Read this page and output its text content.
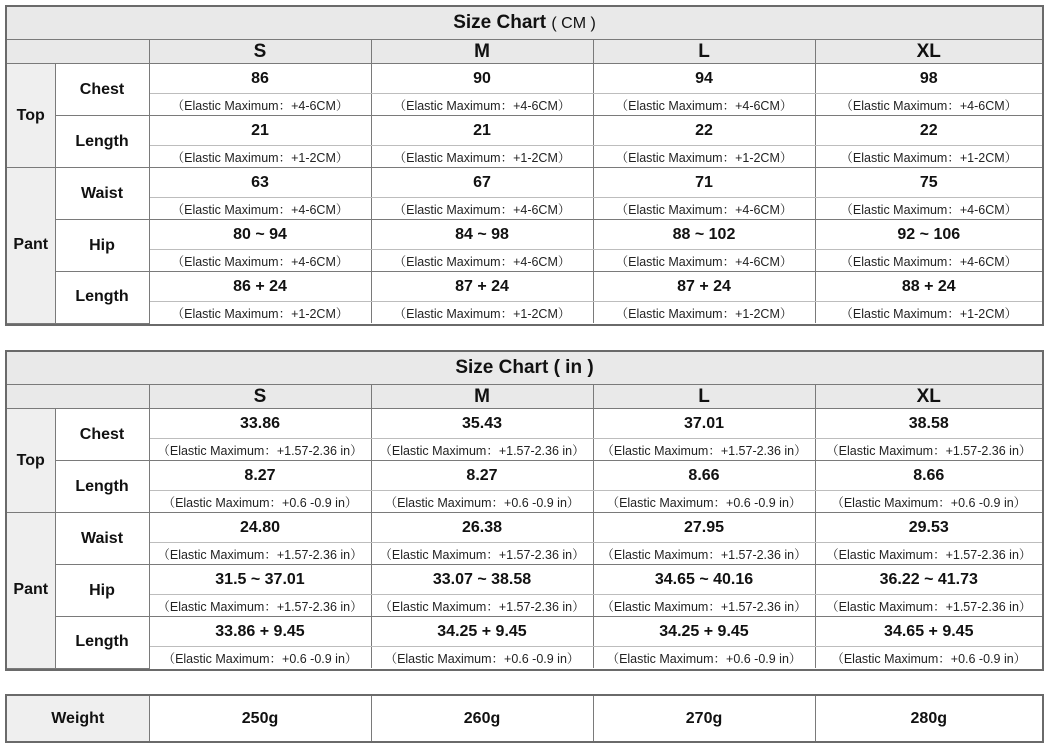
Size Chart ( CM )					
		S	M	L	XL
Top	Chest	86	90	94	98
		（Elastic Maximum：+4-6CM）	（Elastic Maximum：+4-6CM）	（Elastic Maximum：+4-6CM）	（Elastic Maximum：+4-6CM）
	Length	21	21	22	22
		（Elastic Maximum：+1-2CM）	（Elastic Maximum：+1-2CM）	（Elastic Maximum：+1-2CM）	（Elastic Maximum：+1-2CM）
Pant	Waist	63	67	71	75
		（Elastic Maximum：+4-6CM）	（Elastic Maximum：+4-6CM）	（Elastic Maximum：+4-6CM）	（Elastic Maximum：+4-6CM）
	Hip	80 ~ 94	84 ~ 98	88 ~ 102	92 ~ 106
		（Elastic Maximum：+4-6CM）	（Elastic Maximum：+4-6CM）	（Elastic Maximum：+4-6CM）	（Elastic Maximum：+4-6CM）
	Length	86 + 24	87 + 24	87 + 24	88 + 24
		（Elastic Maximum：+1-2CM）	（Elastic Maximum：+1-2CM）	（Elastic Maximum：+1-2CM）	（Elastic Maximum：+1-2CM）
Size Chart ( in )					
		S	M	L	XL
Top	Chest	33.86	35.43	37.01	38.58
		（Elastic Maximum：+1.57-2.36 in）	（Elastic Maximum：+1.57-2.36 in）	（Elastic Maximum：+1.57-2.36 in）	（Elastic Maximum：+1.57-2.36 in）
	Length	8.27	8.27	8.66	8.66
		（Elastic Maximum：+0.6 -0.9 in）	（Elastic Maximum：+0.6 -0.9 in）	（Elastic Maximum：+0.6 -0.9 in）	（Elastic Maximum：+0.6 -0.9 in）
Pant	Waist	24.80	26.38	27.95	29.53
		（Elastic Maximum：+1.57-2.36 in）	（Elastic Maximum：+1.57-2.36 in）	（Elastic Maximum：+1.57-2.36 in）	（Elastic Maximum：+1.57-2.36 in）
	Hip	31.5 ~ 37.01	33.07 ~ 38.58	34.65 ~ 40.16	36.22 ~ 41.73
		（Elastic Maximum：+1.57-2.36 in）	（Elastic Maximum：+1.57-2.36 in）	（Elastic Maximum：+1.57-2.36 in）	（Elastic Maximum：+1.57-2.36 in）
	Length	33.86 + 9.45	34.25 + 9.45	34.25 + 9.45	34.65 + 9.45
		（Elastic Maximum：+0.6 -0.9 in）	（Elastic Maximum：+0.6 -0.9 in）	（Elastic Maximum：+0.6 -0.9 in）	（Elastic Maximum：+0.6 -0.9 in）
Weight	250g	260g	270g	280g
